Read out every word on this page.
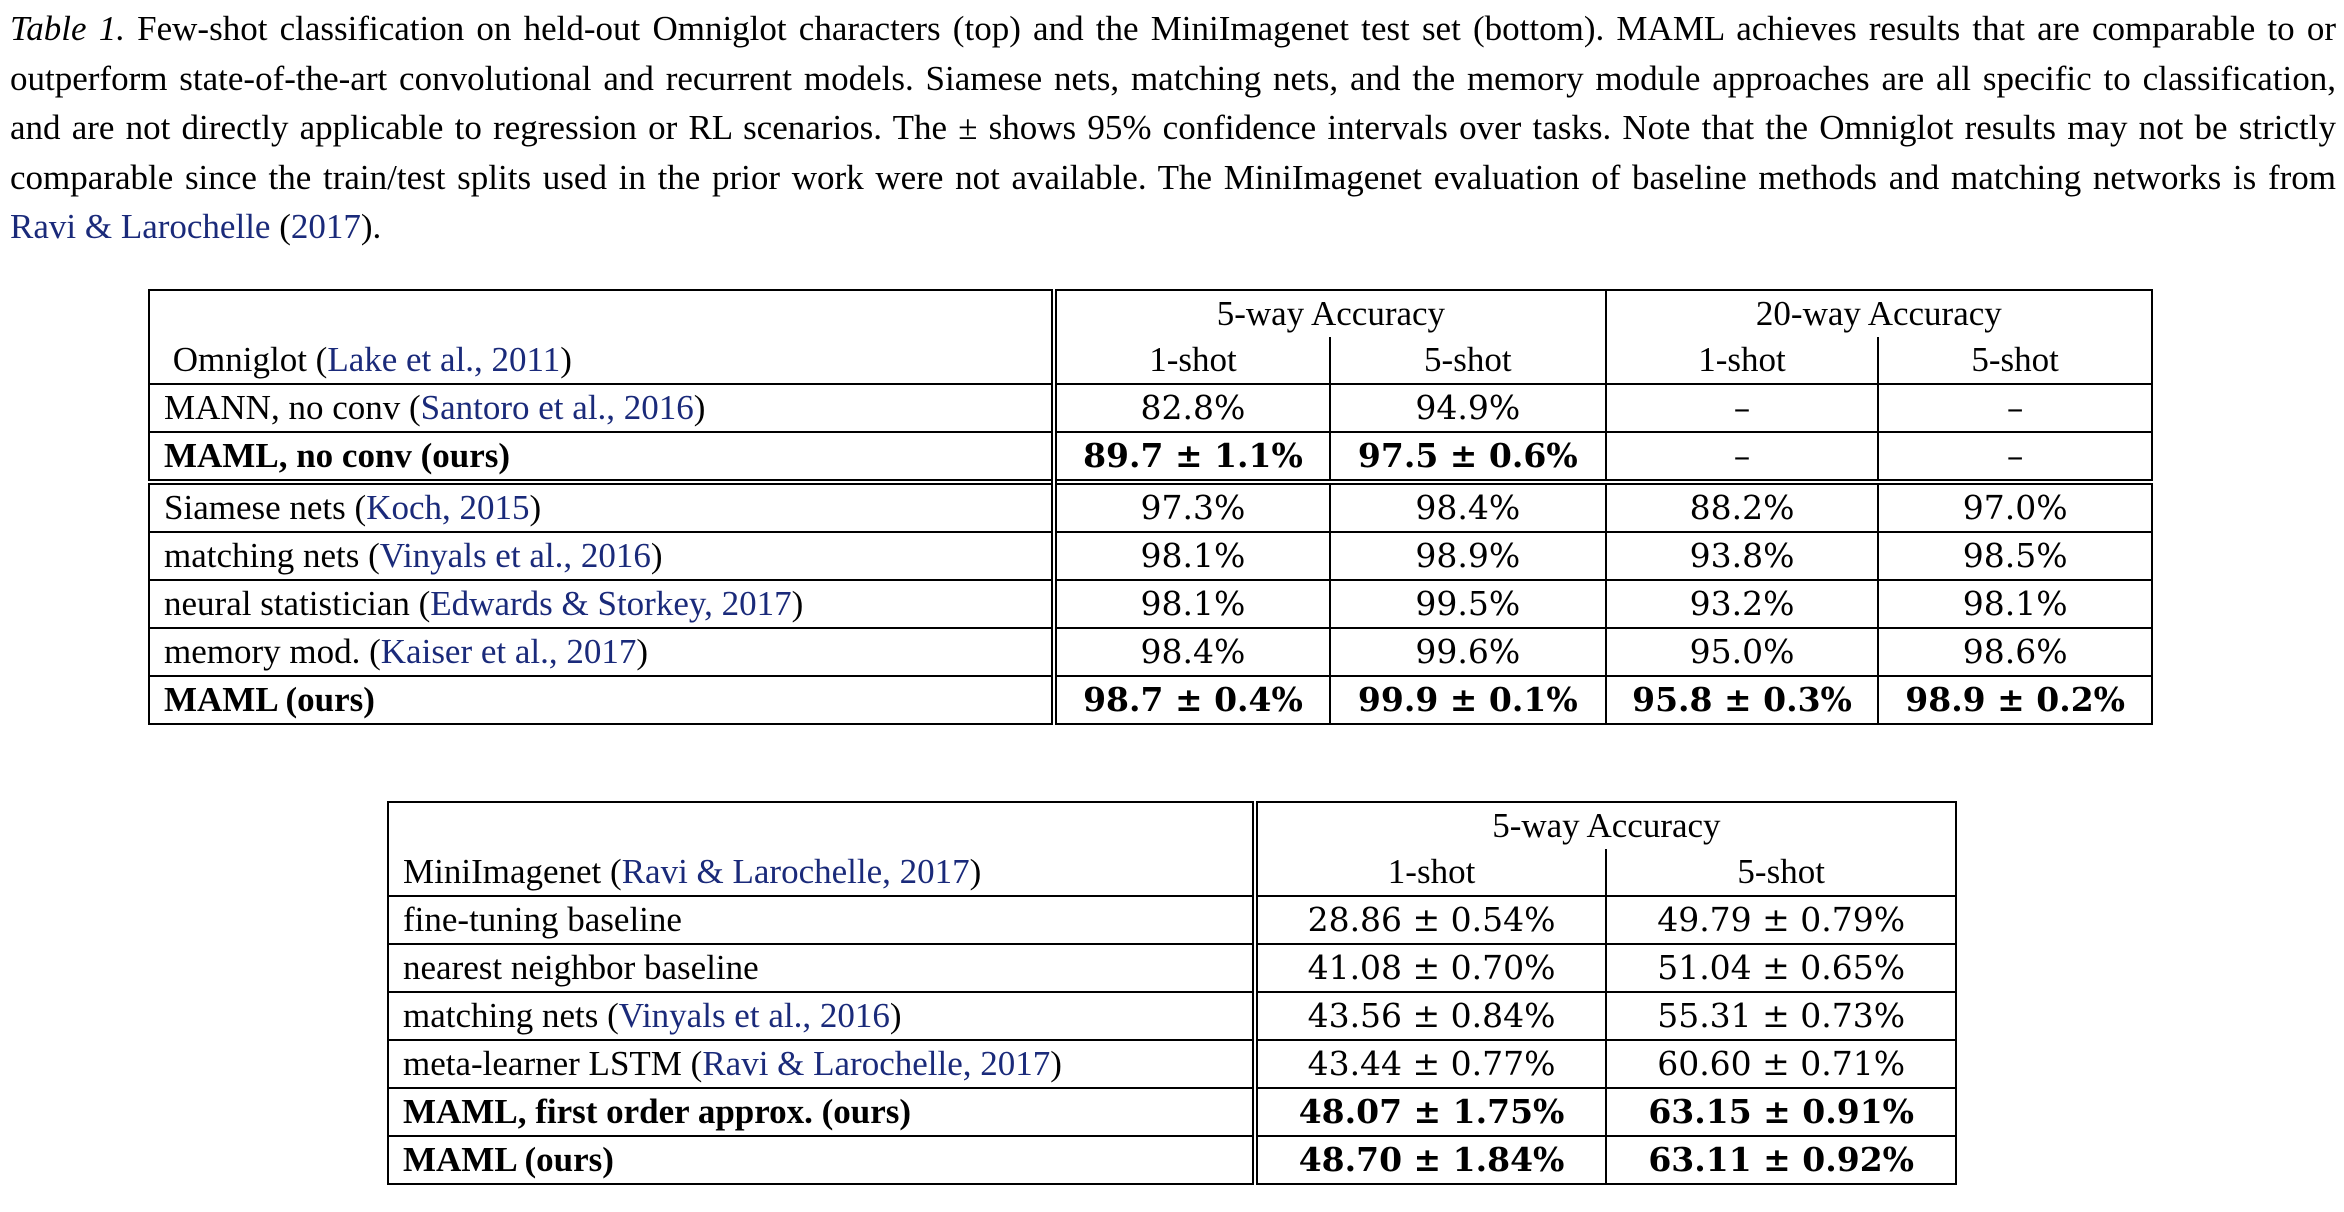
Table 1. Few-shot classification on held-out Omniglot characters (top) and the MiniImagenet test set (bottom). MAML achieves results that are comparable to or outperform state-of-the-art convolutional and recurrent models. Siamese nets, matching nets, and the memory module approaches are all specific to classification, and are not directly applicable to regression or RL scenarios. The ± shows 95% confidence intervals over tasks. Note that the Omniglot results may not be strictly comparable since the train/test splits used in the prior work were not available. The MiniImagenet evaluation of baseline methods and matching networks is from Ravi & Larochelle (2017).
	5-way Accuracy		20-way Accuracy	
Omniglot (Lake et al., 2011)	1-shot	5-shot	1-shot	5-shot
MANN, no conv (Santoro et al., 2016)	82.8%	94.9%	–	–
MAML, no conv (ours)	89.7 ± 1.1%	97.5 ± 0.6%	–	–
Siamese nets (Koch, 2015)	97.3%	98.4%	88.2%	97.0%
matching nets (Vinyals et al., 2016)	98.1%	98.9%	93.8%	98.5%
neural statistician (Edwards & Storkey, 2017)	98.1%	99.5%	93.2%	98.1%
memory mod. (Kaiser et al., 2017)	98.4%	99.6%	95.0%	98.6%
MAML (ours)	98.7 ± 0.4%	99.9 ± 0.1%	95.8 ± 0.3%	98.9 ± 0.2%
	5-way Accuracy	
MiniImagenet (Ravi & Larochelle, 2017)	1-shot	5-shot
fine-tuning baseline	28.86 ± 0.54%	49.79 ± 0.79%
nearest neighbor baseline	41.08 ± 0.70%	51.04 ± 0.65%
matching nets (Vinyals et al., 2016)	43.56 ± 0.84%	55.31 ± 0.73%
meta-learner LSTM (Ravi & Larochelle, 2017)	43.44 ± 0.77%	60.60 ± 0.71%
MAML, first order approx. (ours)	48.07 ± 1.75%	63.15 ± 0.91%
MAML (ours)	48.70 ± 1.84%	63.11 ± 0.92%
